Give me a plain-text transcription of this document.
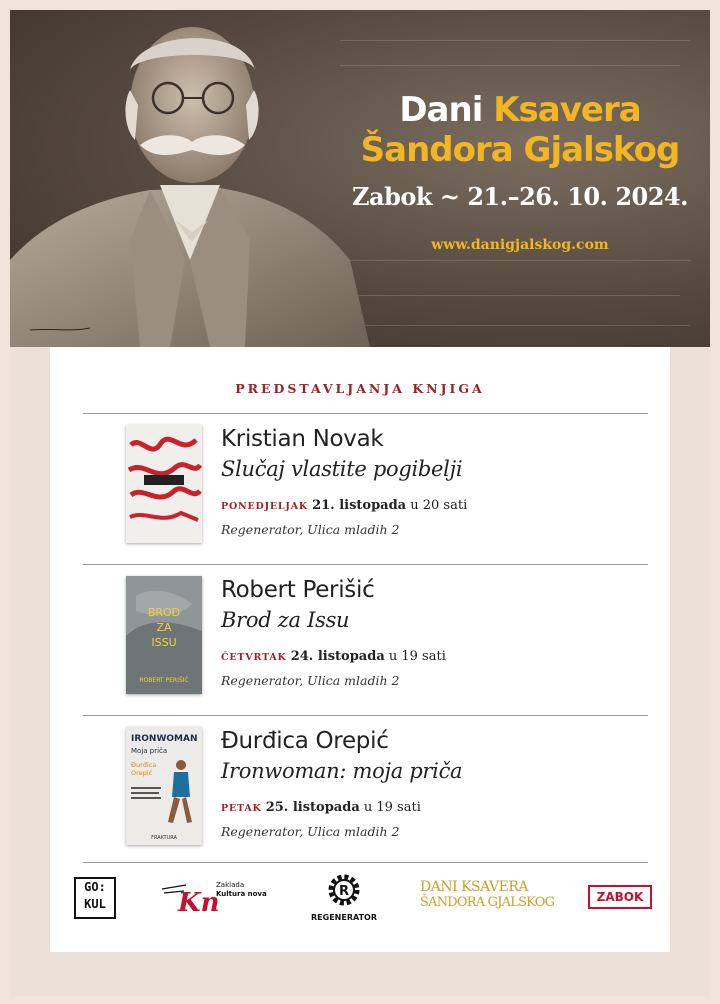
Dani Ksavera
Šandora Gjalskog
Zabok ~ 21.–26. 10. 2024.
www.danigjalskog.com
PREDSTAVLJANJA KNJIGA
Kristian Novak
Slučaj vlastite pogibelji
PONEDJELJAK 21. listopada u 20 sati
Regenerator, Ulica mladih 2
BROD
ZA
ISSU
ROBERT PERIŠIĆ
Robert Perišić
Brod za Issu
ČETVRTAK 24. listopada u 19 sati
Regenerator, Ulica mladih 2
IRONWOMAN
Moja priča
Đurđica
Orepić
FRAKTURA
Đurđica Orepić
Ironwoman: moja priča
PETAK 25. listopada u 19 sati
Regenerator, Ulica mladih 2
GO:
KUL	Kn
Zaklada
Kultura nova	R
REGENERATOR
DANI KSAVERA
ŠANDORA GJALSKOG	ZABOK
